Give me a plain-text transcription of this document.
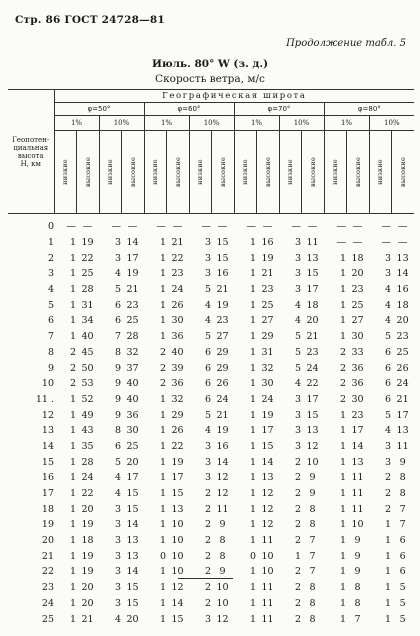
Стр. 86 ГОСТ 24728—81
Продолжение табл. 5
Июль. 80° W (з. д.)
Скорость ветра, м/с
Геопотен-
циальная
высота
H, км	Географическая широта															
	φ=50°				φ=60°				φ=70°				φ=80°			
	1%		10%		1%		10%		1%		10%		1%		10%	

	низкие	высокие	низкие	высокие	низкие	высокие	низкие	высокие	низкие	высокие	низкие	высокие	низкие	высокие	низкие	высокие

0	—	—	—	—	—	—	—	—	—	—	—	—	—	—	—	—
1	1	19	3	14	1	21	3	15	1	16	3	11	—	—	—	—
2	1	22	3	17	1	22	3	15	1	19	3	13	1	18	3	13
3	1	25	4	19	1	23	3	16	1	21	3	15	1	20	3	14
4	1	28	5	21	1	24	5	21	1	23	3	17	1	23	4	16
5	1	31	6	23	1	26	4	19	1	25	4	18	1	25	4	18
6	1	34	6	25	1	30	4	23	1	27	4	20	1	27	4	20
7	1	40	7	28	1	36	5	27	1	29	5	21	1	30	5	23
8	2	45	8	32	2	40	6	29	1	31	5	23	2	33	6	25
9	2	50	9	37	2	39	6	29	1	32	5	24	2	36	6	26
10	2	53	9	40	2	36	6	26	1	30	4	22	2	36	6	24
11 .	1	52	9	40	1	32	6	24	1	24	3	17	2	30	6	21
12	1	49	9	36	1	29	5	21	1	19	3	15	1	23	5	17
13	1	43	8	30	1	26	4	19	1	17	3	13	1	17	4	13
14	1	35	6	25	1	22	3	16	1	15	3	12	1	14	3	11
15	1	28	5	20	1	19	3	14	1	14	2	10	1	13	3	9
16	1	24	4	17	1	17	3	12	1	13	2	9	1	11	2	8
17	1	22	4	15	1	15	2	12	1	12	2	9	1	11	2	8
18	1	20	3	15	1	13	2	11	1	12	2	8	1	11	2	7
19	1	19	3	14	1	10	2	9	1	12	2	8	1	10	1	7
20	1	18	3	13	1	10	2	8	1	11	2	7	1	9	1	6
21	1	19	3	13	0	10	2	8	0	10	1	7	1	9	1	6
22	1	19	3	14	1	10	2	9	1	10	2	7	1	9	1	6
23	1	20	3	15	1	12	2	10	1	11	2	8	1	8	1	5
24	1	20	3	15	1	14	2	10	1	11	2	8	1	8	1	5
25	1	21	4	20	1	15	3	12	1	11	2	8	1	7	1	5
